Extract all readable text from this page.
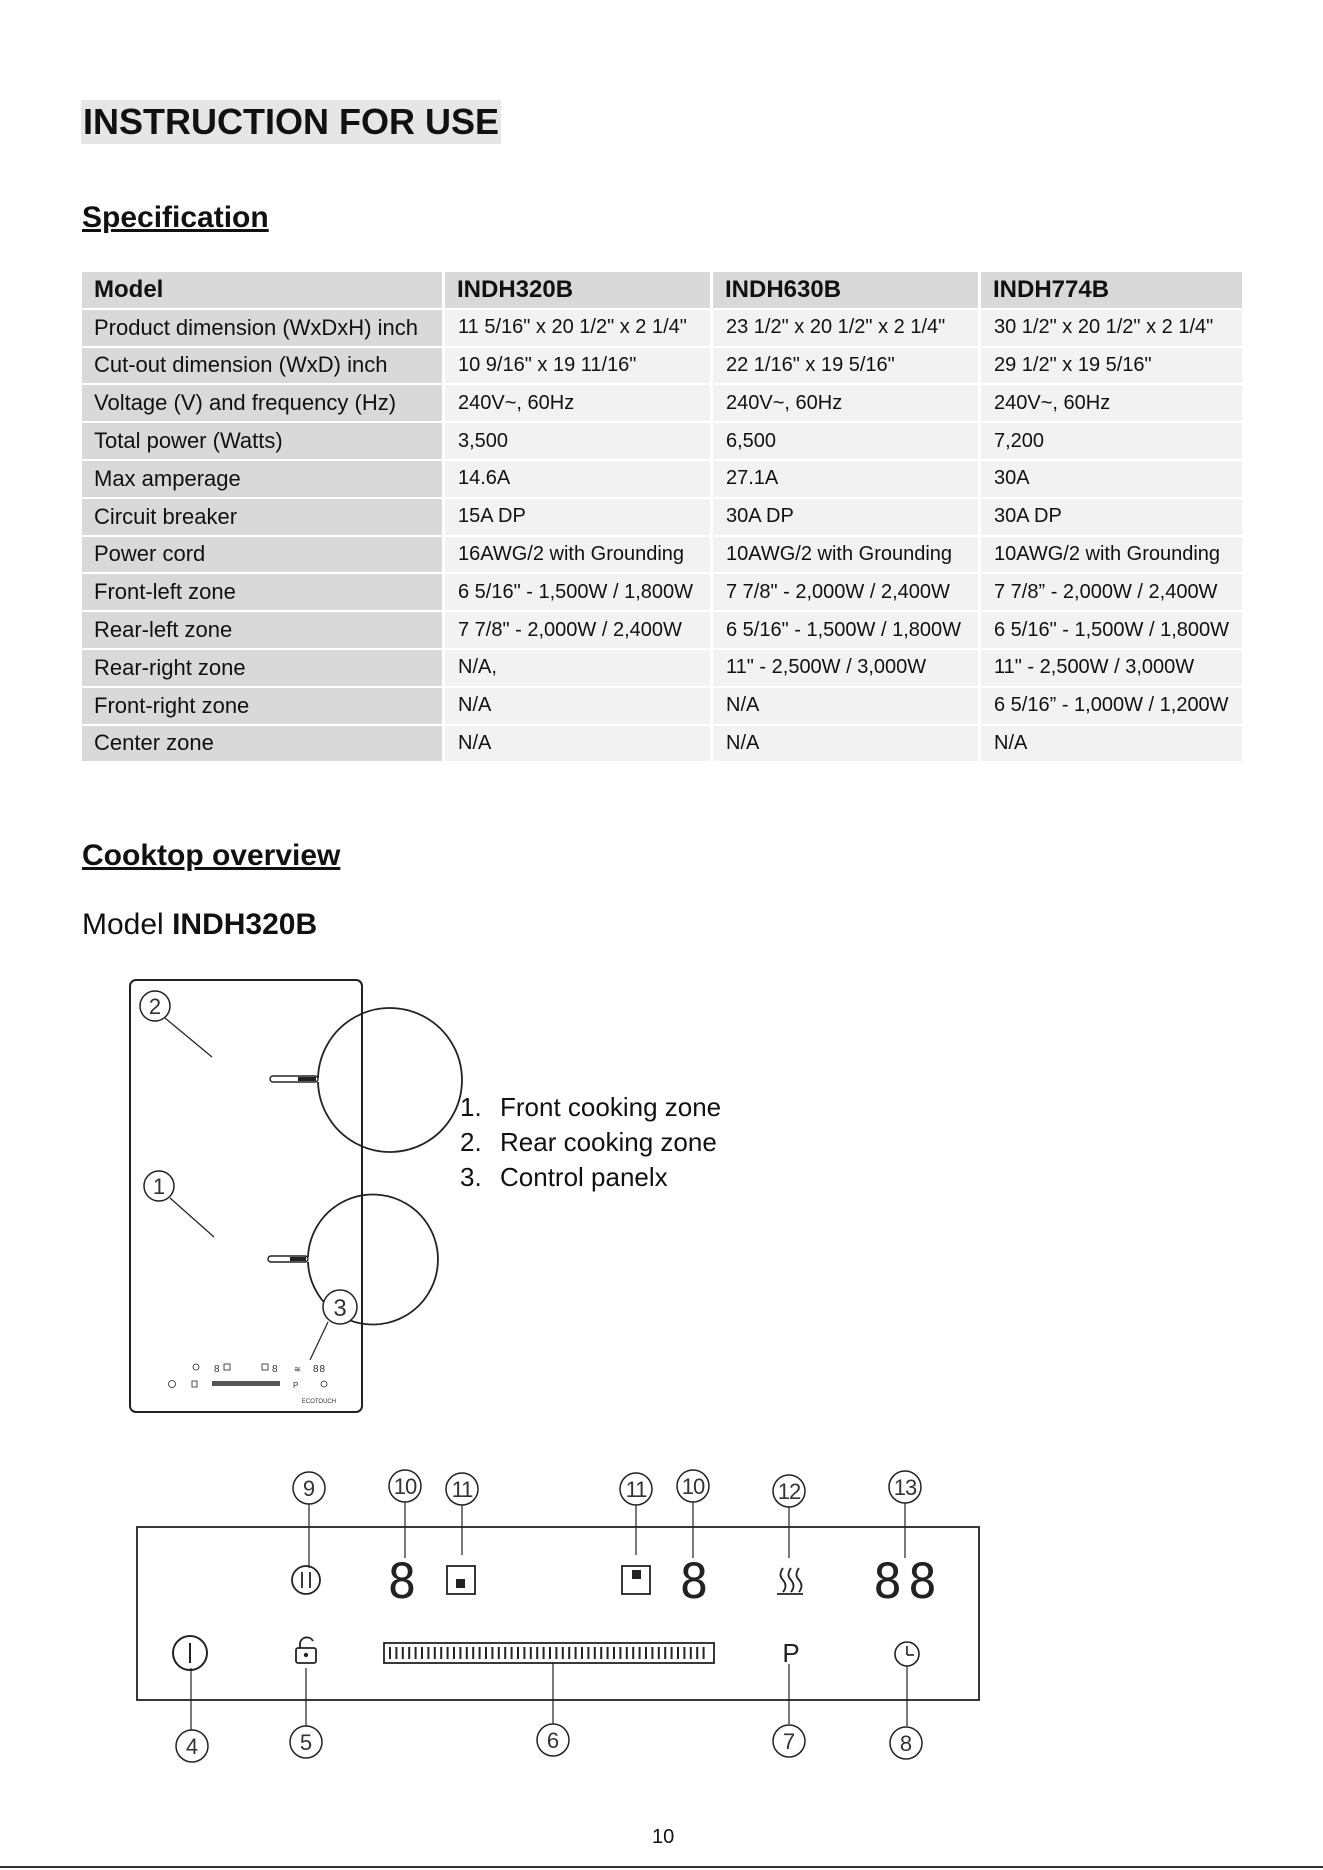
INSTRUCTION FOR USE
Specification
Model	INDH320B	INDH630B	INDH774B
Product dimension (WxDxH) inch	11 5/16" x 20 1/2" x 2 1/4"	23 1/2" x 20 1/2" x 2 1/4"	30 1/2" x 20 1/2" x 2 1/4"
Cut-out dimension (WxD) inch	10 9/16" x 19 11/16"	22 1/16" x 19 5/16"	29 1/2" x 19 5/16"
Voltage (V) and frequency (Hz)	240V~, 60Hz	240V~, 60Hz	240V~, 60Hz
Total power (Watts)	3,500	6,500	7,200
Max amperage	14.6A	27.1A	30A
Circuit breaker	15A DP	30A DP	30A DP
Power cord	16AWG/2 with Grounding	10AWG/2 with Grounding	10AWG/2 with Grounding
Front-left zone	6 5/16" - 1,500W / 1,800W	7 7/8" - 2,000W / 2,400W	7 7/8” - 2,000W / 2,400W
Rear-left zone	7 7/8" - 2,000W / 2,400W	6 5/16" - 1,500W / 1,800W	6 5/16" - 1,500W / 1,800W
Rear-right zone	N/A,	11" - 2,500W / 3,000W	11" - 2,500W / 3,000W
Front-right zone	N/A	N/A	6 5/16” - 1,000W / 1,200W
Center zone	N/A	N/A	N/A
Cooktop overview

Model INDH320B

1. Front cooking zone
2. Rear cooking zone
3. Control panelx
2
1
3
8	8 ≋ 88
P
ECOTOUCH
9	10 11	11 10	12	13
4	5	6	7	8
8	8	88
P
10
